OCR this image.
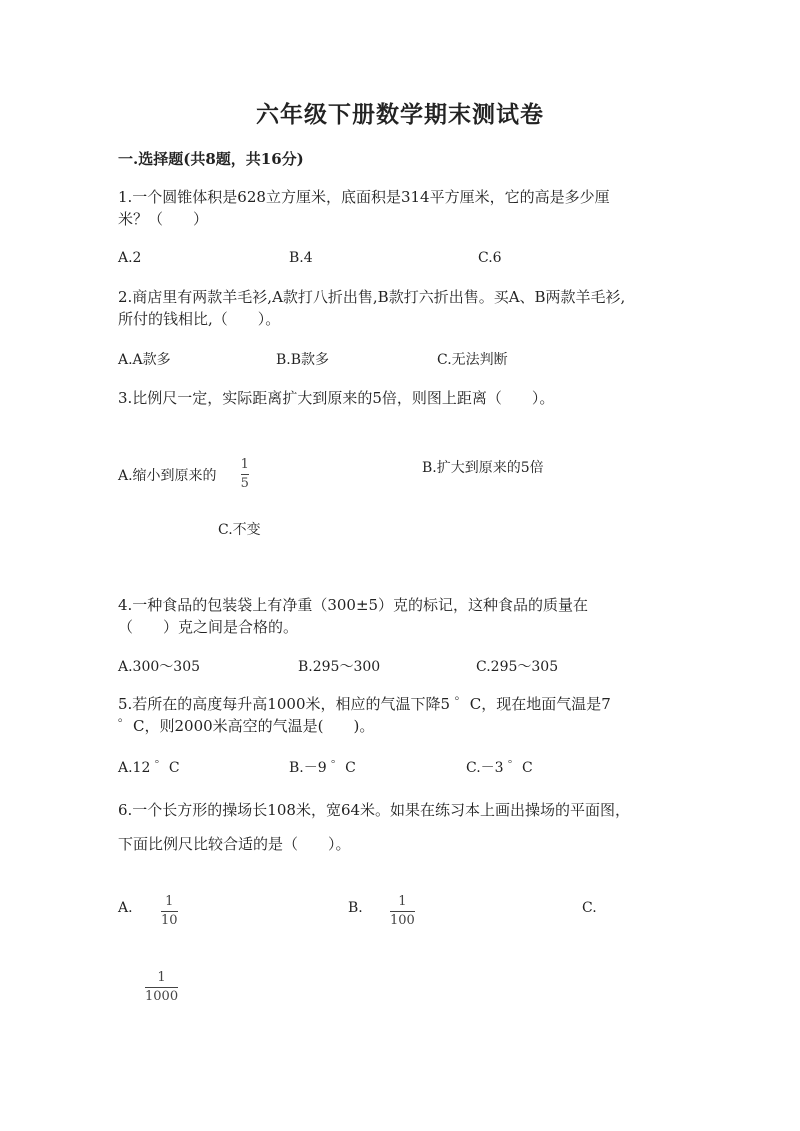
六年级下册数学期末测试卷
一.选择题(共8题，共16分)
1.一个圆锥体积是628立方厘米，底面积是314平方厘米，它的高是多少厘
米？（　　）
A.2	B.4	C.6
2.商店里有两款羊毛衫,A款打八折出售,B款打六折出售。买A、B两款羊毛衫,
所付的钱相比,（　　）。
A.A款多	B.B款多	C.无法判断
3.比例尺一定，实际距离扩大到原来的5倍，则图上距离（　　）。
A.缩小到原来的 $\frac{1}{5}$	B.扩大到原来的5倍
C.不变
4.一种食品的包装袋上有净重（300±5）克的标记，这种食品的质量在
（　　）克之间是合格的。
A.300～305	B.295～300	C.295～305
5.若所在的高度每升高1000米，相应的气温下降5 ゜C，现在地面气温是7
゜C，则2000米高空的气温是(　　)。
A.12 ゜C	B.－9 ゜C	C.－3 ゜C
6.一个长方形的操场长108米，宽64米。如果在练习本上画出操场的平面图，
下面比例尺比较合适的是（　　）。
A.	1
10
B.	1
100
C.
1
1000
